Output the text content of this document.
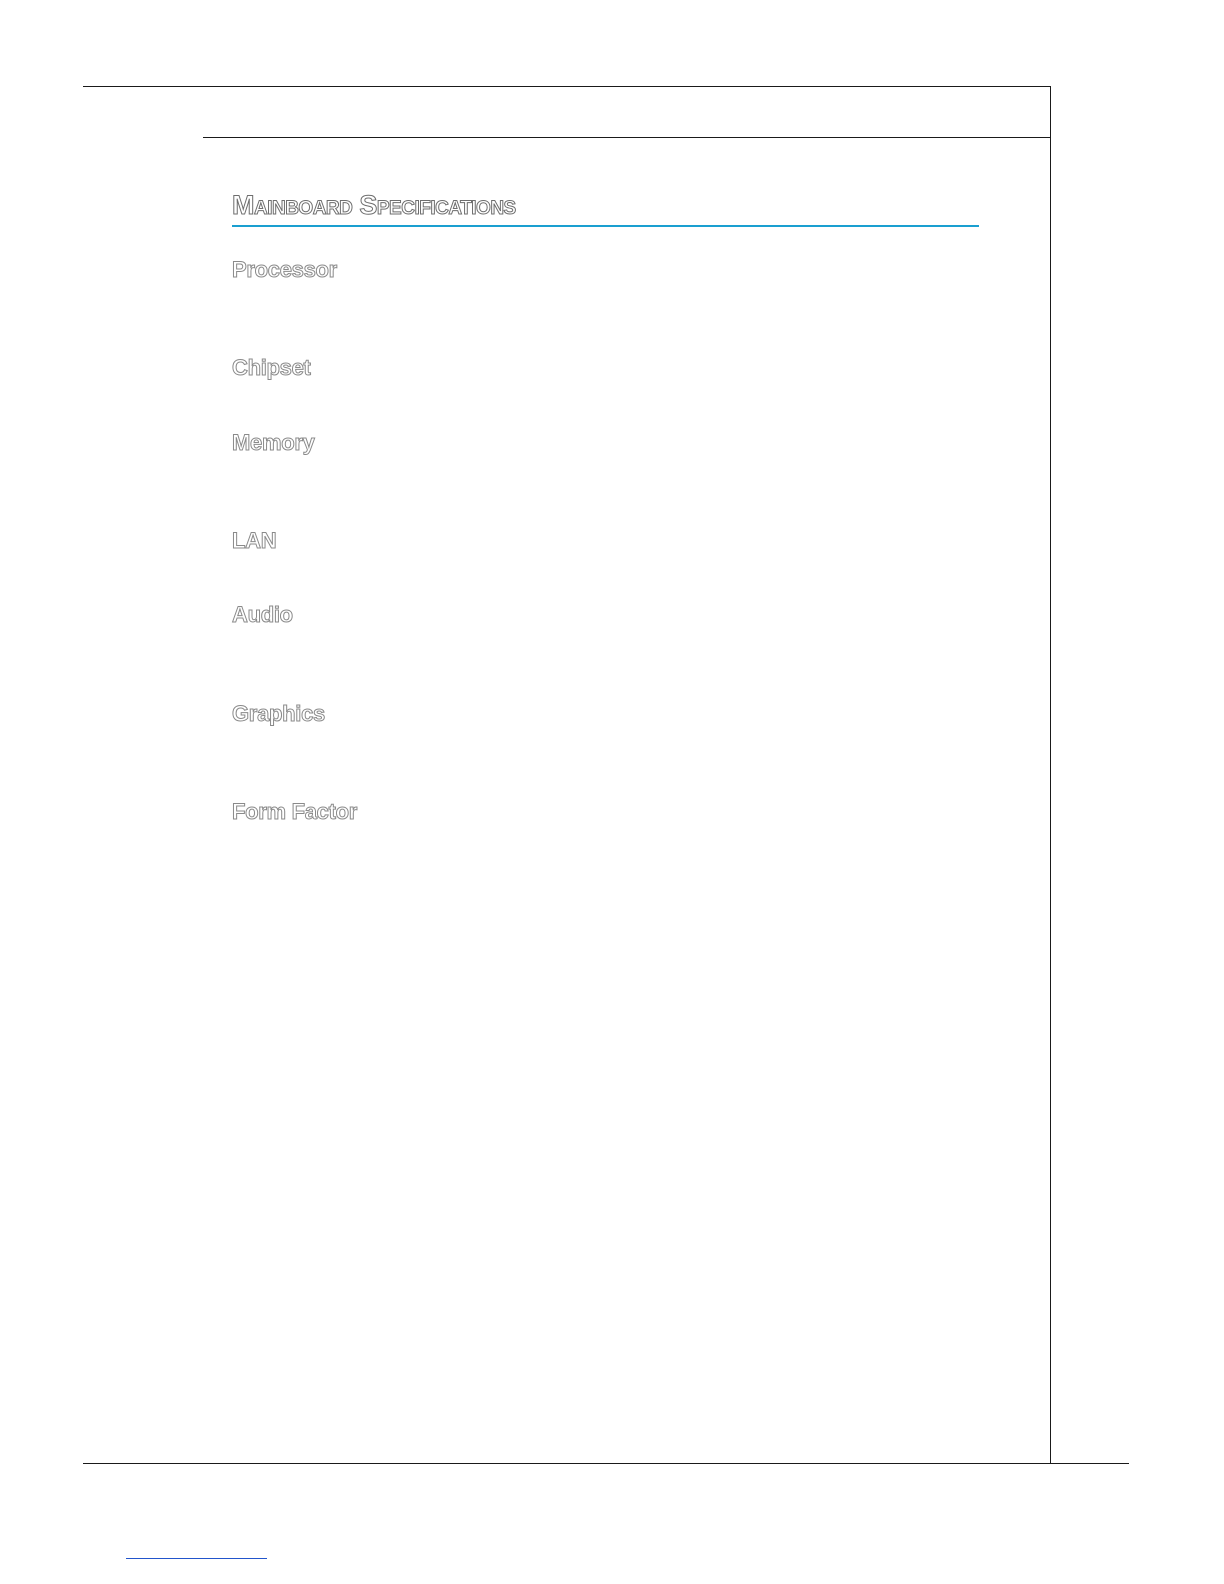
Mainboard Specifications

Processor

Chipset

Memory

LAN

Audio

Graphics

Form Factor
